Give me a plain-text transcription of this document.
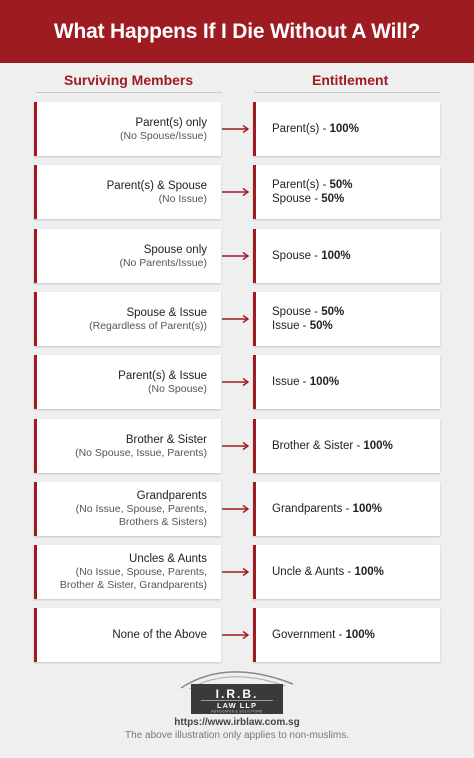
What Happens If I Die Without A Will?
Surviving Members	Entitlement
Parent(s) only
(No Spouse/Issue)
Parent(s) - 100%
Parent(s) & Spouse
(No Issue)
Parent(s) - 50%
Spouse - 50%
Spouse only
(No Parents/Issue)
Spouse - 100%
Spouse & Issue
(Regardless of Parent(s))
Spouse - 50%
Issue - 50%
Parent(s) & Issue
(No Spouse)
Issue - 100%
Brother & Sister
(No Spouse, Issue, Parents)
Brother & Sister - 100%
Grandparents
(No Issue, Spouse, Parents,
Brothers & Sisters)
Grandparents - 100%
Uncles & Aunts
(No Issue, Spouse, Parents,
Brother & Sister, Grandparents)
Uncle & Aunts - 100%
None of the Above	Government - 100%
I.R.B.
LAW LLP
ADVOCATES & SOLICITORS
https://www.irblaw.com.sg
The above illustration only applies to non-muslims.
